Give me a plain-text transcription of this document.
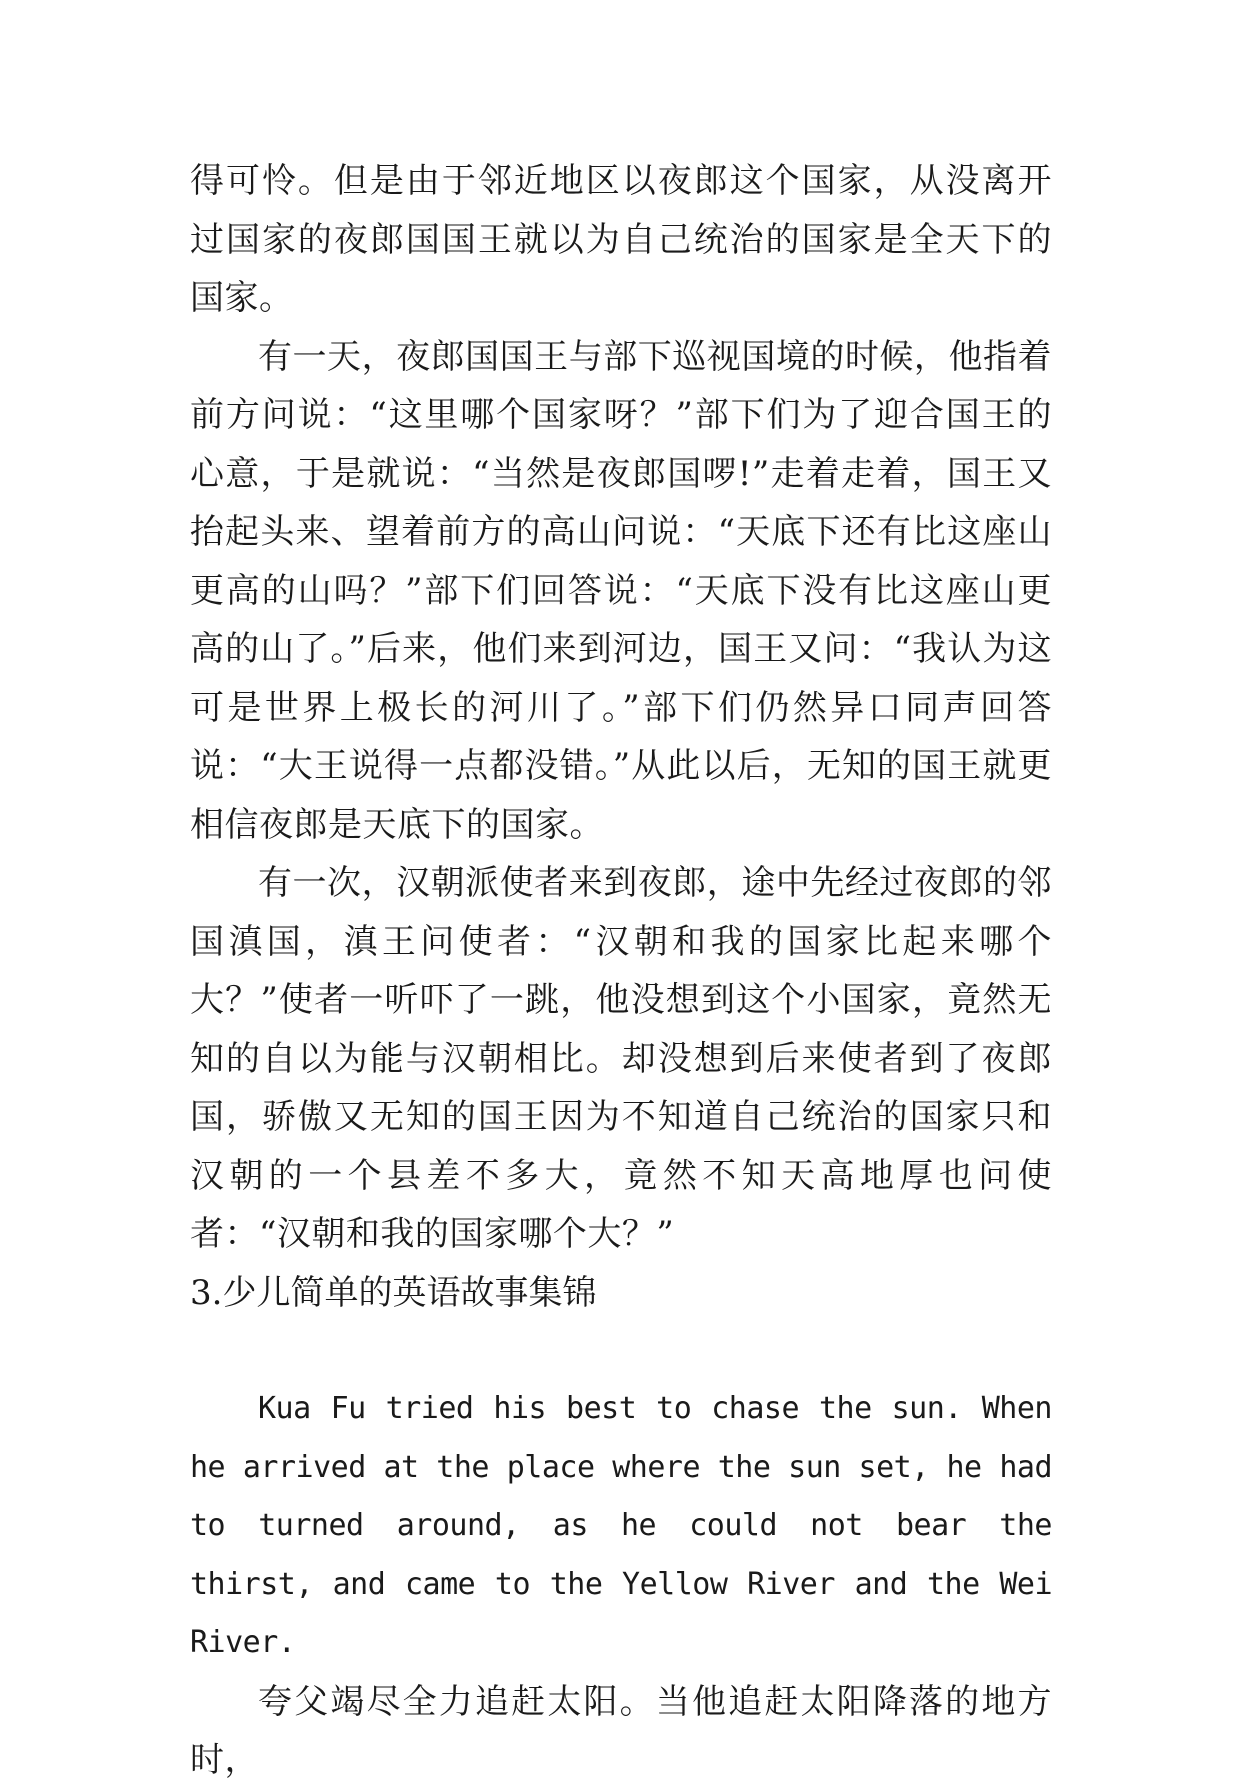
得可怜。但是由于邻近地区以夜郎这个国家，从没离开过国家的夜郎国国王就以为自己统治的国家是全天下的国家。

有一天，夜郎国国王与部下巡视国境的时候，他指着前方问说：“这里哪个国家呀？”部下们为了迎合国王的心意，于是就说：“当然是夜郎国啰!”走着走着，国王又抬起头来、望着前方的高山问说：“天底下还有比这座山更高的山吗？”部下们回答说：“天底下没有比这座山更高的山了。”后来，他们来到河边，国王又问：“我认为这可是世界上极长的河川了。”部下们仍然异口同声回答说：“大王说得一点都没错。”从此以后，无知的国王就更相信夜郎是天底下的国家。

有一次，汉朝派使者来到夜郎，途中先经过夜郎的邻国滇国，滇王问使者：“汉朝和我的国家比起来哪个大？”使者一听吓了一跳，他没想到这个小国家，竟然无知的自以为能与汉朝相比。却没想到后来使者到了夜郎国，骄傲又无知的国王因为不知道自己统治的国家只和汉朝的一个县差不多大，竟然不知天高地厚也问使者：“汉朝和我的国家哪个大？”

3.少儿简单的英语故事集锦

Kua Fu tried his best to chase the sun. When he arrived at the place where the sun set, he had to turned around, as he could not bear the thirst, and came to the Yellow River and the Wei River.

夸父竭尽全力追赶太阳。当他追赶太阳降落的地方时，
